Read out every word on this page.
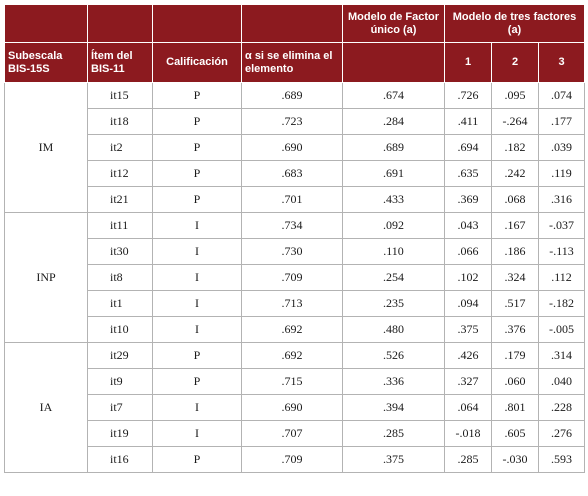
				Modelo de Factor único (a)	Modelo de tres factores (a)		
Subescala BIS-15S	Ítem del BIS-11	Calificación	α si se elimina el elemento		1	2	3
IM	it15	P	.689	.674	.726	.095	.074
	it18	P	.723	.284	.411	-.264	.177
	it2	P	.690	.689	.694	.182	.039
	it12	P	.683	.691	.635	.242	.119
	it21	P	.701	.433	.369	.068	.316
INP	it11	I	.734	.092	.043	.167	-.037
	it30	I	.730	.110	.066	.186	-.113
	it8	I	.709	.254	.102	.324	.112
	it1	I	.713	.235	.094	.517	-.182
	it10	I	.692	.480	.375	.376	-.005
IA	it29	P	.692	.526	.426	.179	.314
	it9	P	.715	.336	.327	.060	.040
	it7	I	.690	.394	.064	.801	.228
	it19	I	.707	.285	-.018	.605	.276
	it16	P	.709	.375	.285	-.030	.593
